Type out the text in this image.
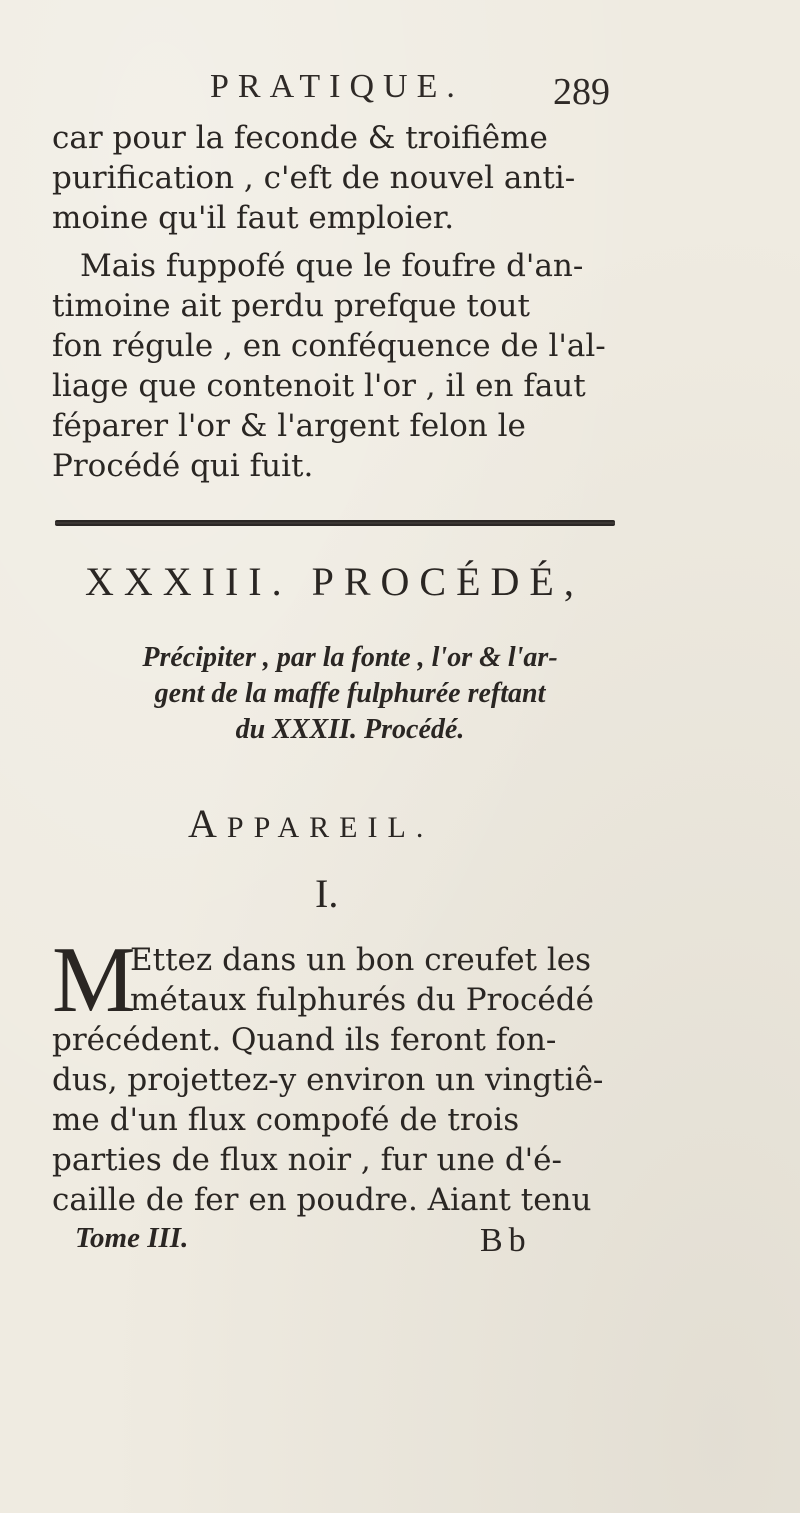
PRATIQUE. 289
car pour la feconde & troifiême
purification , c'eft de nouvel anti-
moine qu'il faut emploier.
Mais fuppofé que le foufre d'an-
timoine ait perdu prefque tout
fon régule , en conféquence de l'al-
liage que contenoit l'or , il en faut
féparer l'or & l'argent felon le
Procédé qui fuit.
XXXIII. PROCÉDÉ,
Précipiter , par la fonte , l'or & l'ar-
gent de la maffe fulphurée reftant
du XXXII. Procédé.
APPAREIL.
I.
M
Ettez dans un bon creufet les
métaux fulphurés du Procédé
précédent. Quand ils feront fon-
dus, projettez-y environ un vingtiê-
me d'un flux compofé de trois
parties de flux noir , fur une d'é-
caille de fer en poudre. Aiant tenu
Tome III.	Bb
